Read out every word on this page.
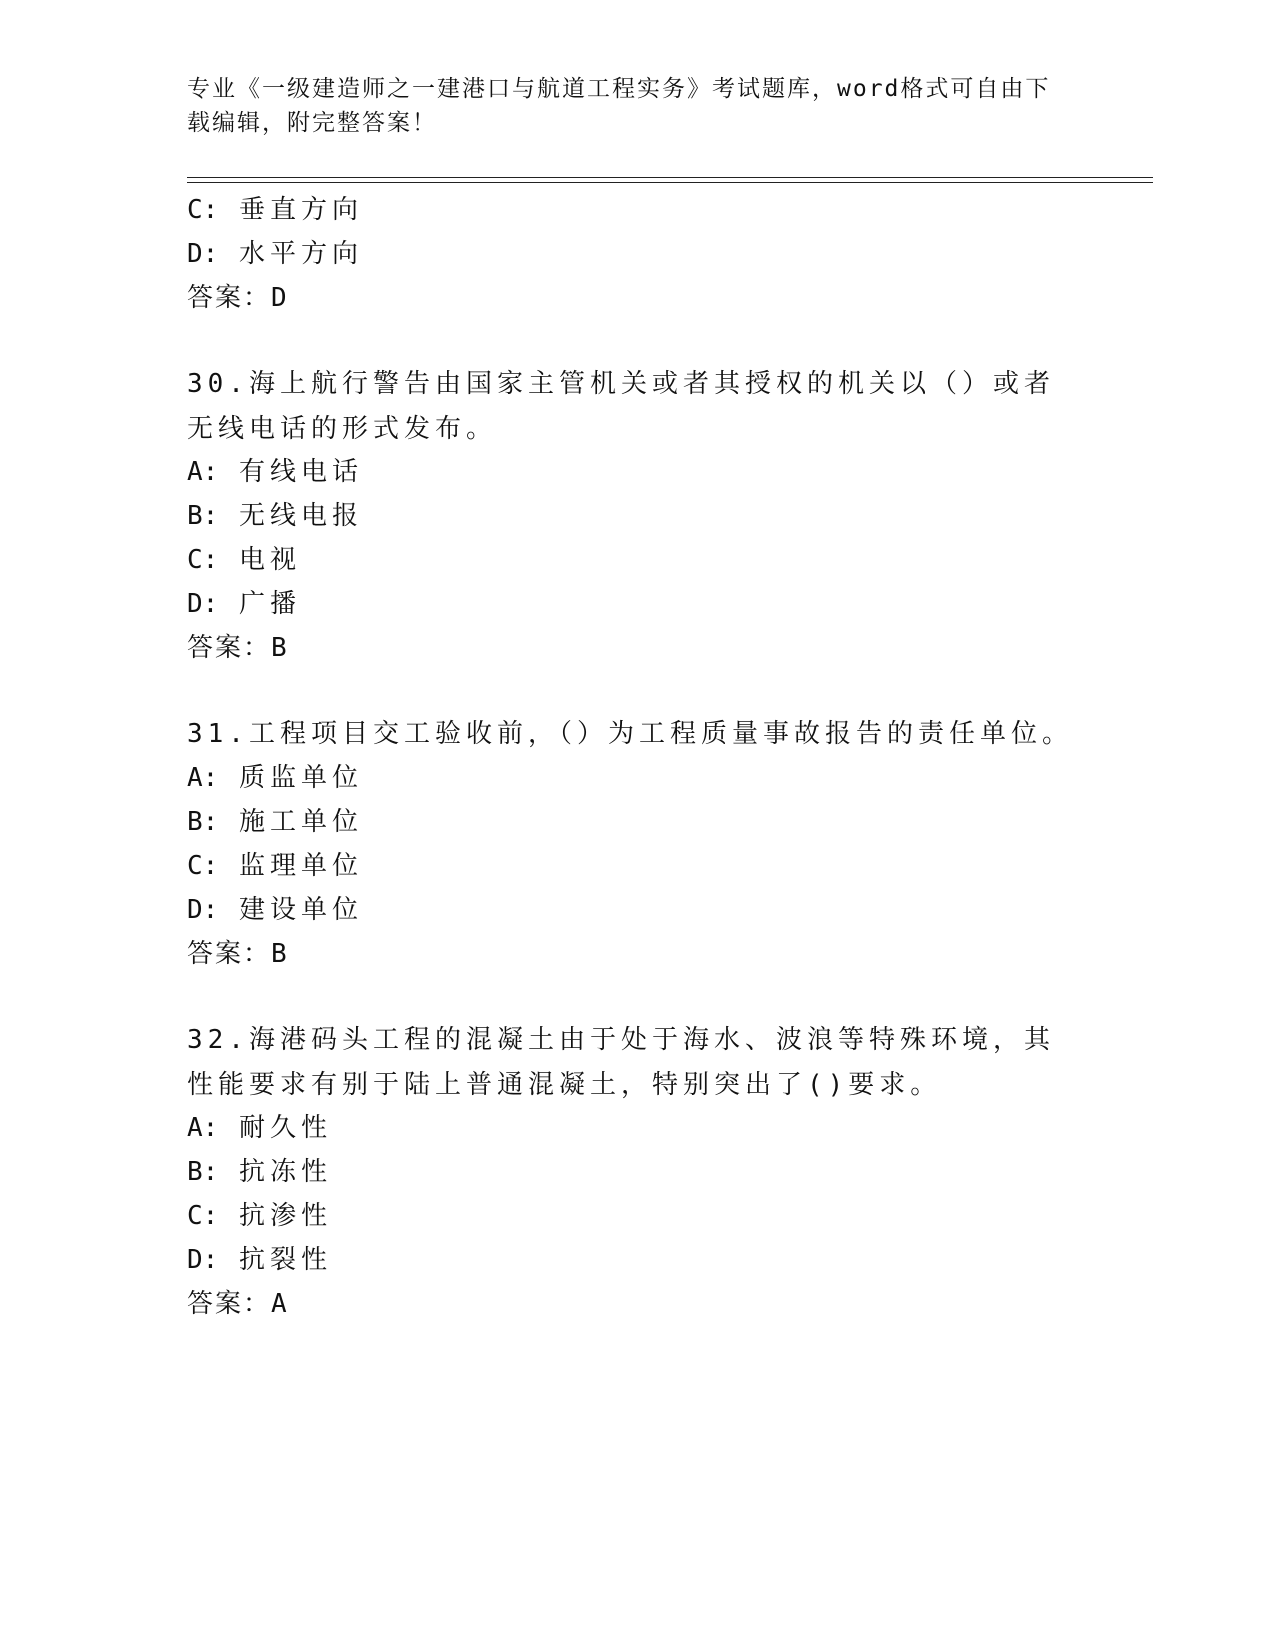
专业《一级建造师之一建港口与航道工程实务》考试题库，word格式可自由下载编辑，附完整答案！
C: 垂直方向
D: 水平方向
答案：D
30.海上航行警告由国家主管机关或者其授权的机关以（）或者无线电话的形式发布。
A: 有线电话
B: 无线电报
C: 电视
D: 广播
答案：B
31.工程项目交工验收前，（）为工程质量事故报告的责任单位。
A: 质监单位
B: 施工单位
C: 监理单位
D: 建设单位
答案：B
32.海港码头工程的混凝土由于处于海水、波浪等特殊环境，其性能要求有别于陆上普通混凝土，特别突出了()要求。
A: 耐久性
B: 抗冻性
C: 抗渗性
D: 抗裂性
答案：A
